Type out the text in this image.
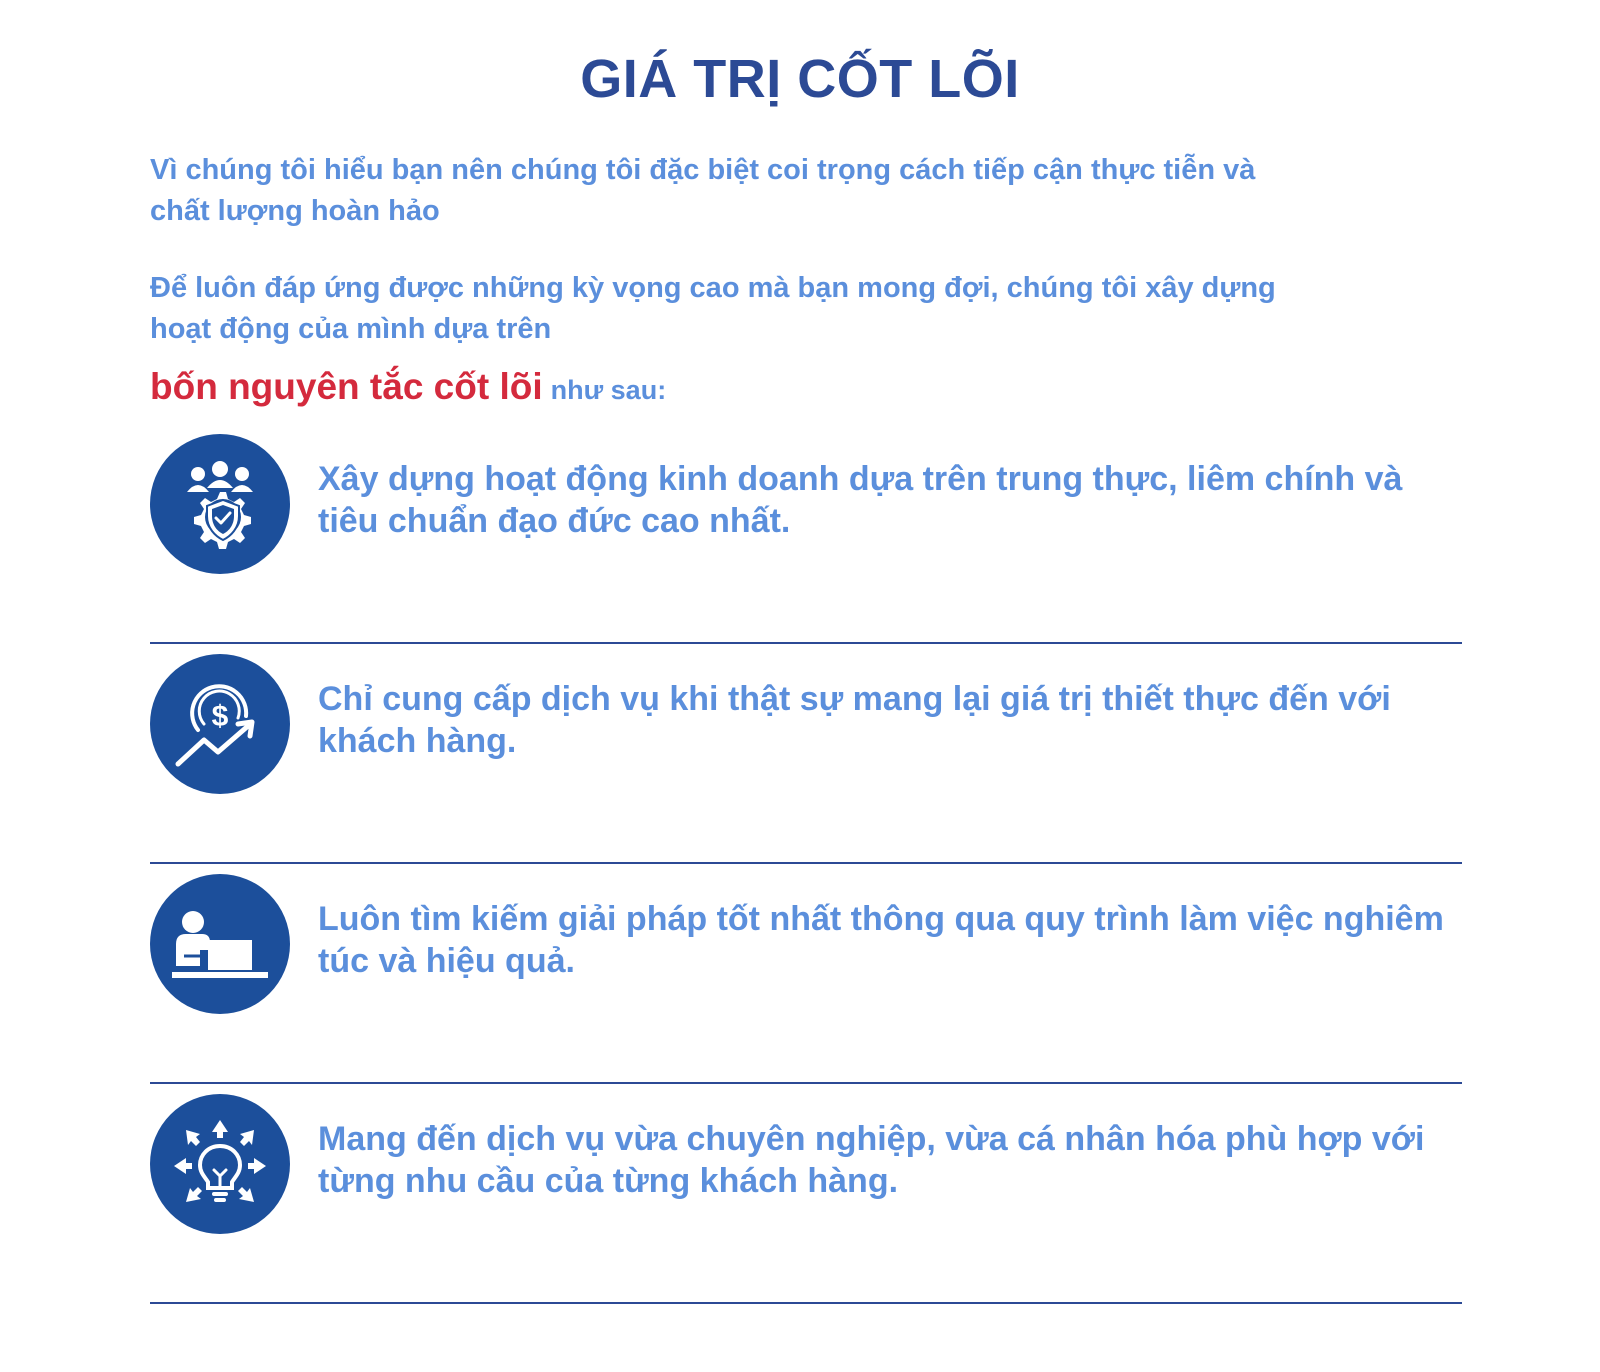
GIÁ TRỊ CỐT LÕI

Vì chúng tôi hiểu bạn nên chúng tôi đặc biệt coi trọng cách tiếp cận thực tiễn và chất lượng hoàn hảo

Để luôn đáp ứng được những kỳ vọng cao mà bạn mong đợi, chúng tôi xây dựng hoạt động của mình dựa trên

bốn nguyên tắc cốt lõi như sau:

Xây dựng hoạt động kinh doanh dựa trên trung thực, liêm chính và tiêu chuẩn đạo đức cao nhất.

$	Chỉ cung cấp dịch vụ khi thật sự mang lại giá trị thiết thực đến với khách hàng.

Luôn tìm kiếm giải pháp tốt nhất thông qua quy trình làm việc nghiêm túc và hiệu quả.

Mang đến dịch vụ vừa chuyên nghiệp, vừa cá nhân hóa phù hợp với từng nhu cầu của từng khách hàng.
